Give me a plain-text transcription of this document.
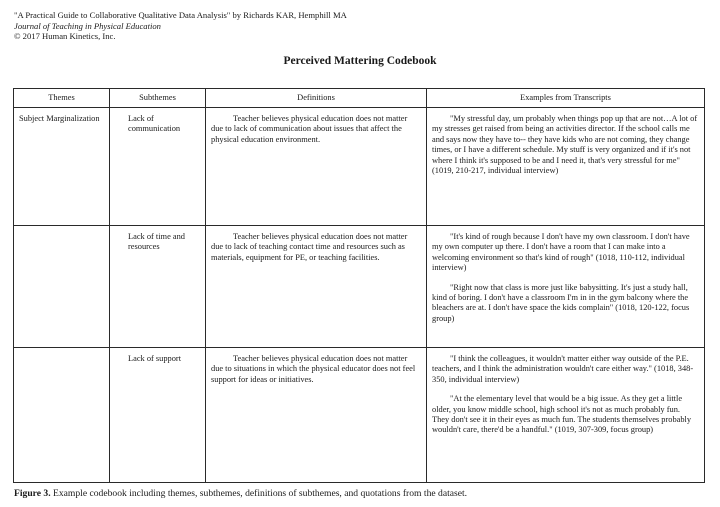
"A Practical Guide to Collaborative Qualitative Data Analysis" by Richards KAR, Hemphill MA
Journal of Teaching in Physical Education
© 2017 Human Kinetics, Inc.
Perceived Mattering Codebook
Themes	Subthemes	Definitions	Examples from Transcripts
Subject Marginalization	Lack of communication	Teacher believes physical education does not matter due to lack of communication about issues that affect the physical education environment.	"My stressful day, um probably when things pop up that are not…A lot of my stresses get raised from being an activities director. If the school calls me and says now they have to-- they have kids who are not coming, they change times, or I have a different schedule. My stuff is very organized and if it's not where I think it's supposed to be and I need it, that's very stressful for me" (1019, 210-217, individual interview)

	Lack of time and resources	Teacher believes physical education does not matter due to lack of teaching contact time and resources such as materials, equipment for PE, or teaching facilities.	"It's kind of rough because I don't have my own classroom. I don't have my own computer up there. I don't have a room that I can make into a welcoming environment so that's kind of rough" (1018, 110-112, individual interview)

"Right now that class is more just like babysitting. It's just a study hall, kind of boring. I don't have a classroom I'm in in the gym balcony where the bleachers are at. I don't have space the kids complain" (1018, 120-122, focus group)

	Lack of support	Teacher believes physical education does not matter due to situations in which the physical educator does not feel support for ideas or initiatives.	"I think the colleagues, it wouldn't matter either way outside of the P.E. teachers, and I think the administration wouldn't care either way." (1018, 348-350, individual interview)

"At the elementary level that would be a big issue. As they get a little older, you know middle school, high school it's not as much probably fun. They don't see it in their eyes as much fun. The students themselves probably wouldn't care, there'd be a handful." (1019, 307-309, focus group)

Figure 3. Example codebook including themes, subthemes, definitions of subthemes, and quotations from the dataset.
